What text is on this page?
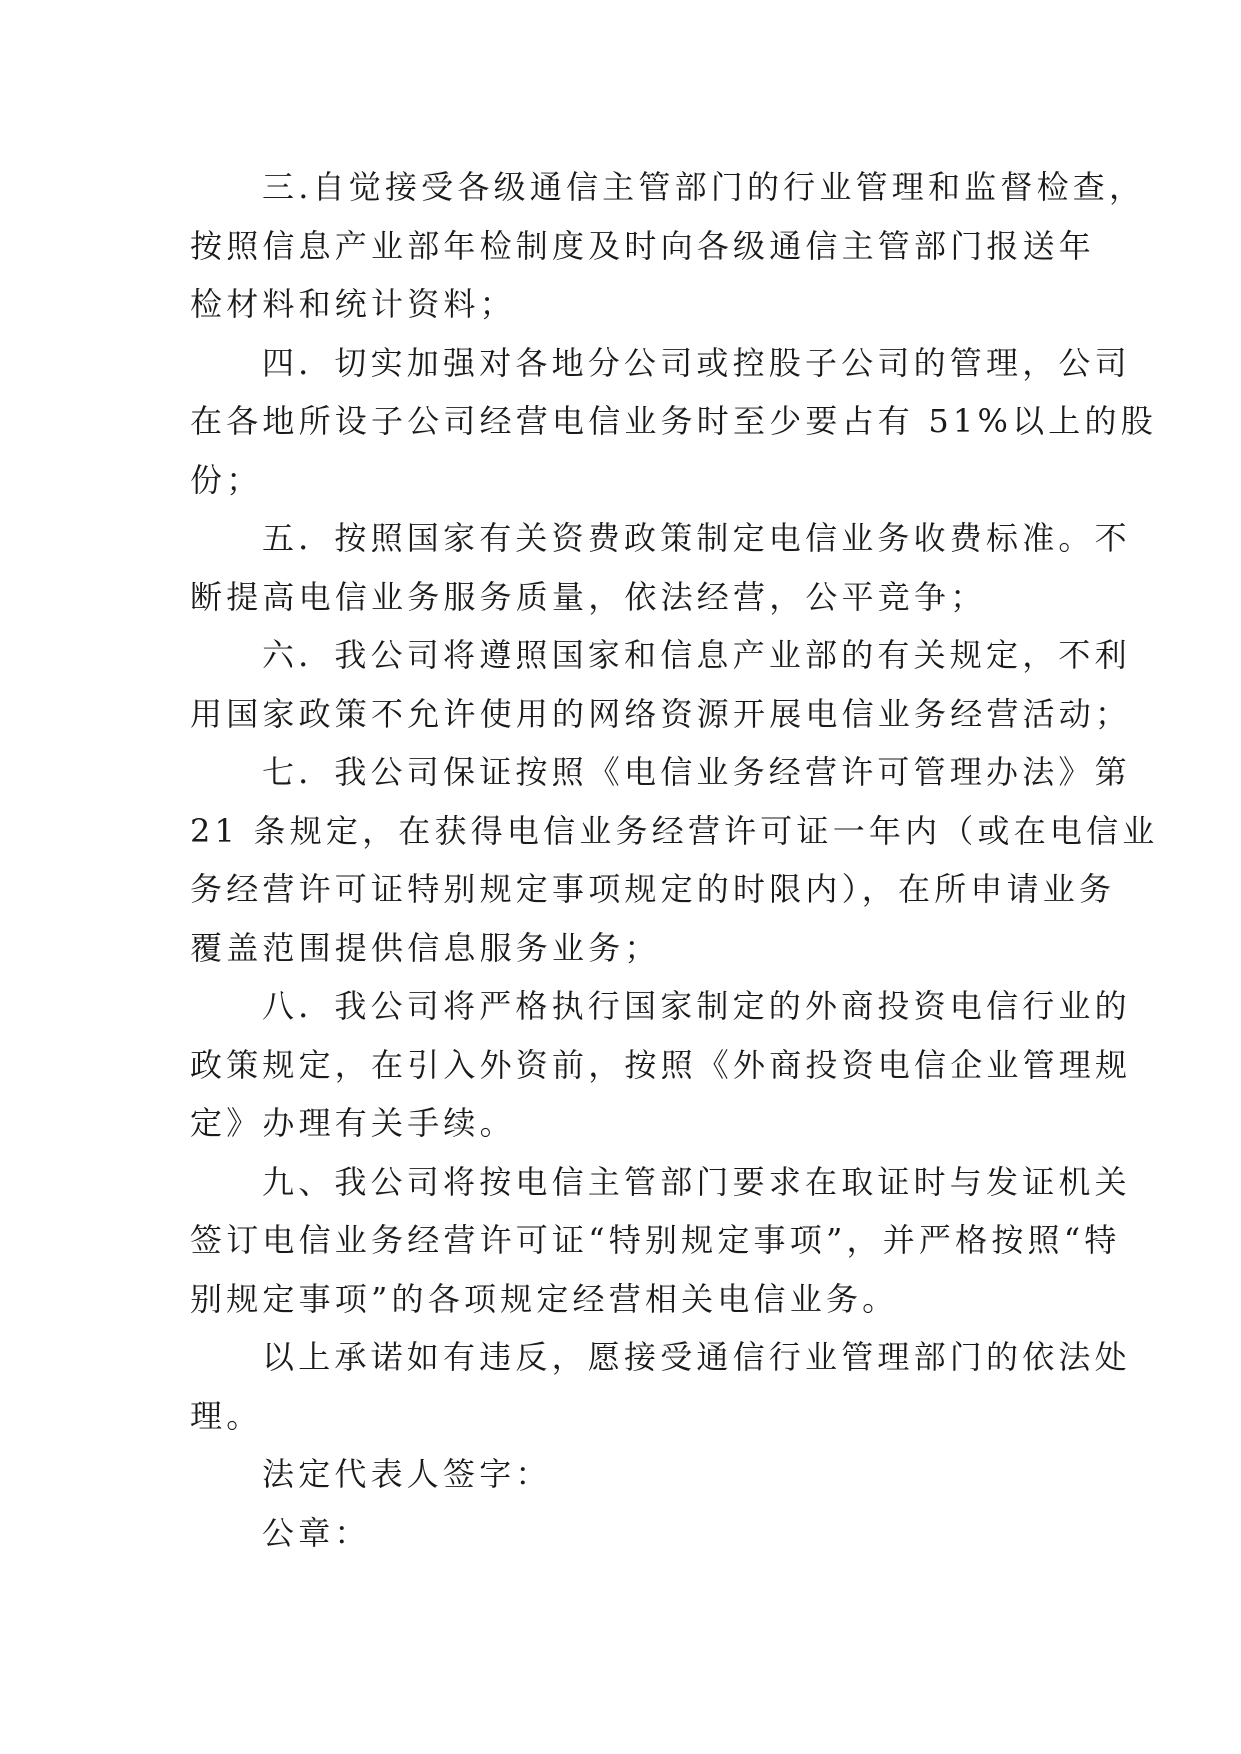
三.自觉接受各级通信主管部门的行业管理和监督检查，
按照信息产业部年检制度及时向各级通信主管部门报送年
检材料和统计资料；
四．切实加强对各地分公司或控股子公司的管理，公司
在各地所设子公司经营电信业务时至少要占有 51%以上的股
份；
五．按照国家有关资费政策制定电信业务收费标准。不
断提高电信业务服务质量，依法经营，公平竞争；
六．我公司将遵照国家和信息产业部的有关规定，不利
用国家政策不允许使用的网络资源开展电信业务经营活动；
七．我公司保证按照《电信业务经营许可管理办法》第
21 条规定，在获得电信业务经营许可证一年内（或在电信业
务经营许可证特别规定事项规定的时限内），在所申请业务
覆盖范围提供信息服务业务；
八．我公司将严格执行国家制定的外商投资电信行业的
政策规定，在引入外资前，按照《外商投资电信企业管理规
定》办理有关手续。
九、我公司将按电信主管部门要求在取证时与发证机关
签订电信业务经营许可证“特别规定事项”，并严格按照“特
别规定事项”的各项规定经营相关电信业务。
以上承诺如有违反，愿接受通信行业管理部门的依法处
理。
法定代表人签字：
公章：
